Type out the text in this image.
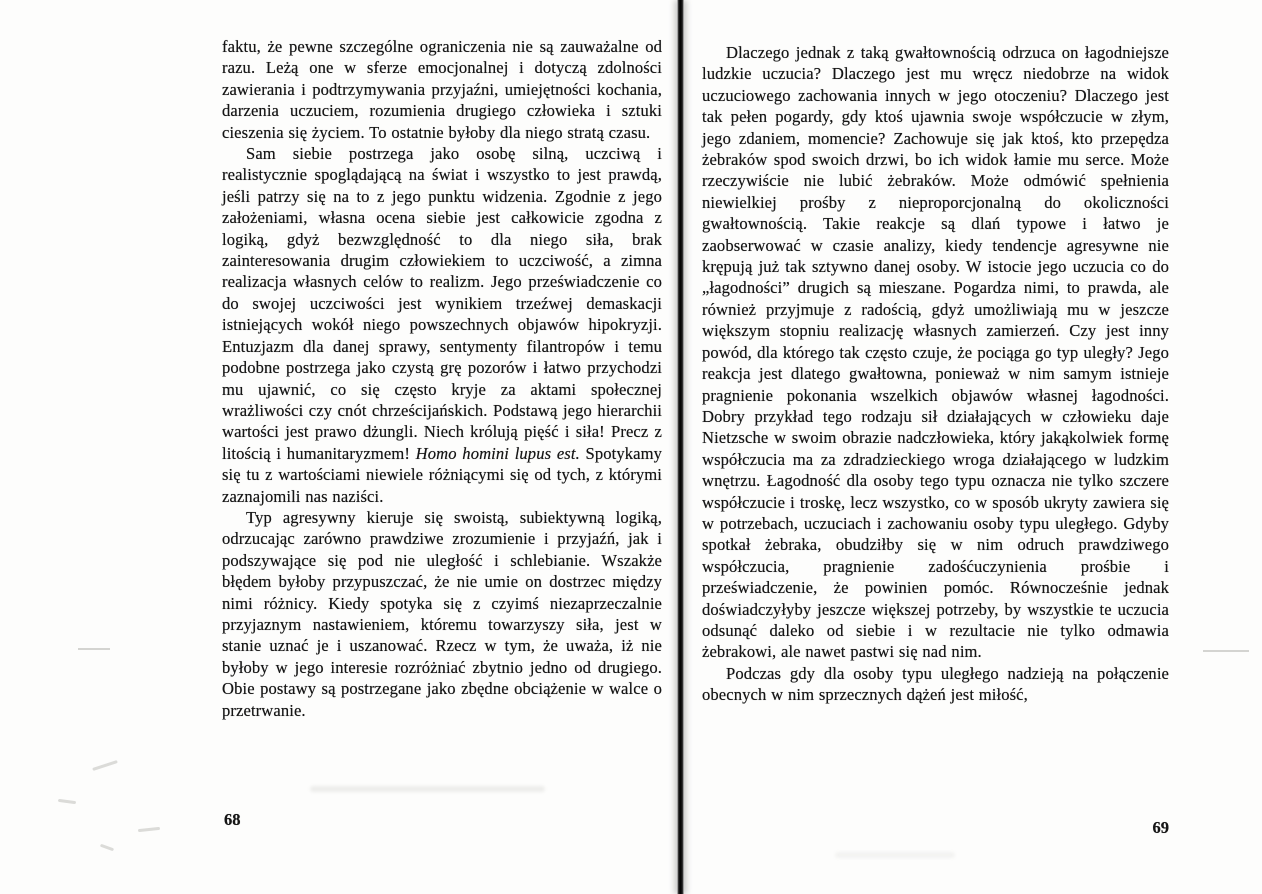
faktu, że pewne szczególne ograniczenia nie są zauważalne od razu. Leżą one w sferze emocjonalnej i dotyczą zdolności zawierania i podtrzymywania przyjaźni, umiejętności kochania, darzenia uczuciem, rozumienia drugiego człowieka i sztuki cieszenia się życiem. To ostatnie byłoby dla niego stratą czasu.

Sam siebie postrzega jako osobę silną, uczciwą i realistycznie spoglądającą na świat i wszystko to jest prawdą, jeśli patrzy się na to z jego punktu widzenia. Zgodnie z jego założeniami, własna ocena siebie jest całkowicie zgodna z logiką, gdyż bezwzględność to dla niego siła, brak zainteresowania drugim człowiekiem to uczciwość, a zimna realizacja własnych celów to realizm. Jego przeświadczenie co do swojej uczciwości jest wynikiem trzeźwej demaskacji istniejących wokół niego powszechnych objawów hipokryzji. Entuzjazm dla danej sprawy, sentymenty filantropów i temu podobne postrzega jako czystą grę pozorów i łatwo przychodzi mu ujawnić, co się często kryje za aktami społecznej wrażliwości czy cnót chrześcijańskich. Podstawą jego hierarchii wartości jest prawo dżungli. Niech królują pięść i siła! Precz z litością i humanitaryzmem! Homo homini lupus est. Spotykamy się tu z wartościami niewiele różniącymi się od tych, z którymi zaznajomili nas naziści.

Typ agresywny kieruje się swoistą, subiektywną logiką, odrzucając zarówno prawdziwe zrozumienie i przyjaźń, jak i podszywające się pod nie uległość i schlebianie. Wszakże błędem byłoby przypuszczać, że nie umie on dostrzec między nimi różnicy. Kiedy spotyka się z czyimś niezaprzeczalnie przyjaznym nastawieniem, któremu towarzyszy siła, jest w stanie uznać je i uszanować. Rzecz w tym, że uważa, iż nie byłoby w jego interesie rozróżniać zbytnio jedno od drugiego. Obie postawy są postrzegane jako zbędne obciążenie w walce o przetrwanie.

68

Dlaczego jednak z taką gwałtownością odrzuca on łagodniejsze ludzkie uczucia? Dlaczego jest mu wręcz niedobrze na widok uczuciowego zachowania innych w jego otoczeniu? Dlaczego jest tak pełen pogardy, gdy ktoś ujawnia swoje współczucie w złym, jego zdaniem, momencie? Zachowuje się jak ktoś, kto przepędza żebraków spod swoich drzwi, bo ich widok łamie mu serce. Może rzeczywiście nie lubić żebraków. Może odmówić spełnienia niewielkiej prośby z nieproporcjonalną do okoliczności gwałtownością. Takie reakcje są dlań typowe i łatwo je zaobserwować w czasie analizy, kiedy tendencje agresywne nie krępują już tak sztywno danej osoby. W istocie jego uczucia co do „łagodności” drugich są mieszane. Pogardza nimi, to prawda, ale również przyjmuje z radością, gdyż umożliwiają mu w jeszcze większym stopniu realizację własnych zamierzeń. Czy jest inny powód, dla którego tak często czuje, że pociąga go typ uległy? Jego reakcja jest dlatego gwałtowna, ponieważ w nim samym istnieje pragnienie pokonania wszelkich objawów własnej łagodności. Dobry przykład tego rodzaju sił działających w człowieku daje Nietzsche w swoim obrazie nadczłowieka, który jakąkolwiek formę współczucia ma za zdradzieckiego wroga działającego w ludzkim wnętrzu. Łagodność dla osoby tego typu oznacza nie tylko szczere współczucie i troskę, lecz wszystko, co w sposób ukryty zawiera się w potrzebach, uczuciach i zachowaniu osoby typu uległego. Gdyby spotkał żebraka, obudziłby się w nim odruch prawdziwego współczucia, pragnienie zadośćuczynienia prośbie i przeświadczenie, że powinien pomóc. Równocześnie jednak doświadczyłyby jeszcze większej potrzeby, by wszystkie te uczucia odsunąć daleko od siebie i w rezultacie nie tylko odmawia żebrakowi, ale nawet pastwi się nad nim.

Podczas gdy dla osoby typu uległego nadzieją na połączenie obecnych w nim sprzecznych dążeń jest miłość,

69
